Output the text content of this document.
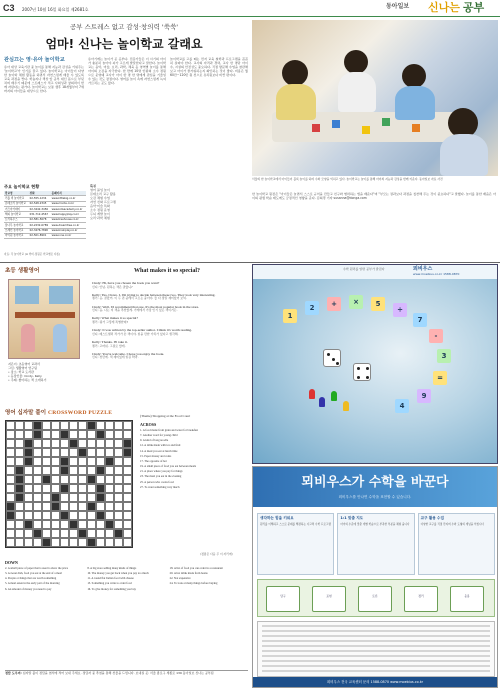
C3 2007년 10월 16일 화요일 제2681호	동아일보 신나는 공부
공부 스트레스 없고 감성·창의력 '쑥쑥'
엄마! 신나는 놀이학교 갈래요
서울의 한 놀이학교에서 아이들이 블록 놀이를 하며 수와 모양을 익히고 있다. 놀이학교는 놀이를 통해 아이의 지능과 감성을 함께 키운다. 동아일보 자료 사진
관심끄는 영·유아 놀이학교
유아 대상 교육기관 중 놀이를 통해 지능과 감성을 키워주는 '놀이학교'가 인기를 끌고 있다. 놀이학교는 아이들이 다양한 놀이와 체험 활동을 하면서 자연스럽게 배울 수 있도록 교육 과정을 짠다. 학습지나 책상 앞 공부 대신 몸으로 부딪치며 배우기 때문에 스트레스가 적고 사회성과 창의력이 함께 자란다는 평가다. 놀이학교는 보통 생후 18개월부터 7세까지의 아이들을 대상으로 한다.
유아기에는 놀이가 곧 공부다. 전문가들은 이 시기의 아이가 충분히 놀아야 뇌가 고르게 발달한다고 말한다. 놀이학교는 음악, 미술, 요리, 과학, 체육 등 영역별 놀이를 통해 아이의 오감을 자극한다. 한 반에 10명 안팎의 소수 정원으로 운영돼 교사가 아이 한 명 한 명에게 관심을 기울일 수 있는 것도 장점이다. 영어를 놀이 속에 자연스럽게 녹여 가르치는 곳도 많다.
놀이학교를 고를 때는 먼저 교육 철학과 프로그램을 꼼꼼히 살펴야 한다. 교사의 자격과 경력, 교사 한 명당 아이 수, 시설의 안전성도 중요하다. 직접 방문해 수업을 참관해 보고 아이가 즐거워하는지 확인하는 것이 좋다. 비용은 월 60만~120만 원 선으로 유치원보다 비싼 편이다.
한 놀이학교 원장은 "아이들은 놀면서 스스로 규칙을 만들고 친구와 협력하는 법을 배운다"며 "부모는 결과보다 과정을 칭찬해 주는 것이 중요하다"고 말했다. 놀이를 통한 배움은 아이의 평생 학습 태도에도 긍정적인 영향을 준다. 김희경 기자 susanna@donga.com
주요 놀이학교 현황
학교명	전화	홈페이지
리틀 빅 놀이학교	02-555-1234	www.littlebig.co.kr
몬테소리 놀이학교	02-548-2345	www.monte.co.kr
키즈아카데미	02-3442-3456	www.kidsacademy.co.kr
해피 놀이학교	031-712-4567	www.happyplay.co.kr
트리하우스	02-581-5678	www.treehouse.co.kr
꿈나무 놀이학교	02-2232-6789	www.dreamtree.co.kr
브레인 놀이학교	02-3476-7890	www.brainplay.co.kr
아이원 놀이학교	02-501-8901	www.ione.co.kr
자료: 각 놀이학교 (※ 학비·정원은 학교별로 다름)
특징
영어 몰입 놀이
몬테소리 교구 활용
오감 체험 수업
자연 친화 프로그램
음악·미술 특화
소수 정원 운영
두뇌 계발 놀이
요리·과학 체험
초등 생활영어
지은이: 초등영어 교과서
그림: 생활영어 연구팀
• 장소: 학교 도서관
• 등장인물: Cindy, Kelly
• 주제: 좋아하는 책 소개하기
What makes it so special?

Cindy: Hi, have you chosen the book you want?
신디: 안녕, 원하는 책은 골랐니?

Kelly: Yes, I have. I, I'm trying to decide between these two. They look very interesting.
켈리: 응, 골랐어. 이 두 권 중에서 고르는 중이야. 둘 다 정말 재미있어 보여.

Cindy: Well, I'd recommend that one. It's the most popular book in the store.
신디: 음, 나는 저 책을 추천할게. 가게에서 가장 인기 있는 책이거든.

Kelly: What makes it so special?
켈리: 뭐가 그렇게 특별한데?

Cindy: It was written by the top-seller author. I think it's worth reading.
신디: 베스트셀러 작가가 쓴 책이야. 읽을 만한 가치가 있다고 생각해.

Kelly: Thanks. I'll take it.
켈리: 고마워. 그걸로 할게.

Cindy: You're welcome. I hope you enjoy the book.
신디: 천만에. 책 재미있게 읽길 바라.

수학 원리를 알면 공부가 즐겁다	뫼비우스
www.moebius.co.kr 1588-0870
1
2	+	×	5
÷
7
-
3
=
9
4
영어 십자말 풀이 CROSSWORD PUZZLE	(Theme) Shopping at the Food Court
ACROSS
1. A food made from grain and water for breakfast
7. Another word for young child
9. A kind of long noodle
12. A drink made with ice and fruit
14. A meal you eat at lunch time
15. Paper money and coins
17. The opposite of hot
19. A small piece of food you eat between meals
21. A place where you pay for things
23. The meal you eat in the evening
25. A person who cooks food
27. To want something very much
(정답은 다음 주 이 자리에)
DOWN
2. A small piece of paper that is used to show the price
3. A sweet dish, food you eat at the end of a meal
4. People or things that are worth something
5. A meal eaten in the early part of the morning
6. An amount of money you need to pay
8. A big store selling many kinds of things
10. The money you get back when you pay too much
11. A round flat Italian food with cheese
13. Something you write to order food
16. To give money for something you buy
18. A list of food you can order in a restaurant
20. A hot drink made from beans
22. Not expensive
24. To look at many things before buying
정답 도우미: 십자말 풀이 정답을 엽서에 적어 보내 주세요. 정답자 중 추첨을 통해 선물을 드립니다. 보내실 곳: 서울 종로구 세종로 139 동아일보 신나는 공부팀
뫼비우스가 수학을 바꾼다
뫼비우스를 만나면 수학을 표현할 수 있습니다.
생각하는 힘을 키워요

원리를 이해하고 스스로 문제를 해결하는 사고력 수학 프로그램

1:1 맞춤 지도

아이의 수준에 맞춘 개별 학습으로 부족한 부분을 채워 줍니다

교구 활용 수업

다양한 교구를 직접 만지며 수와 도형의 개념을 익힙니다

탐구	표현	토론	정리	응용
뫼비우스 전국 교육센터 문의 1588-0870 www.moebius.co.kr
